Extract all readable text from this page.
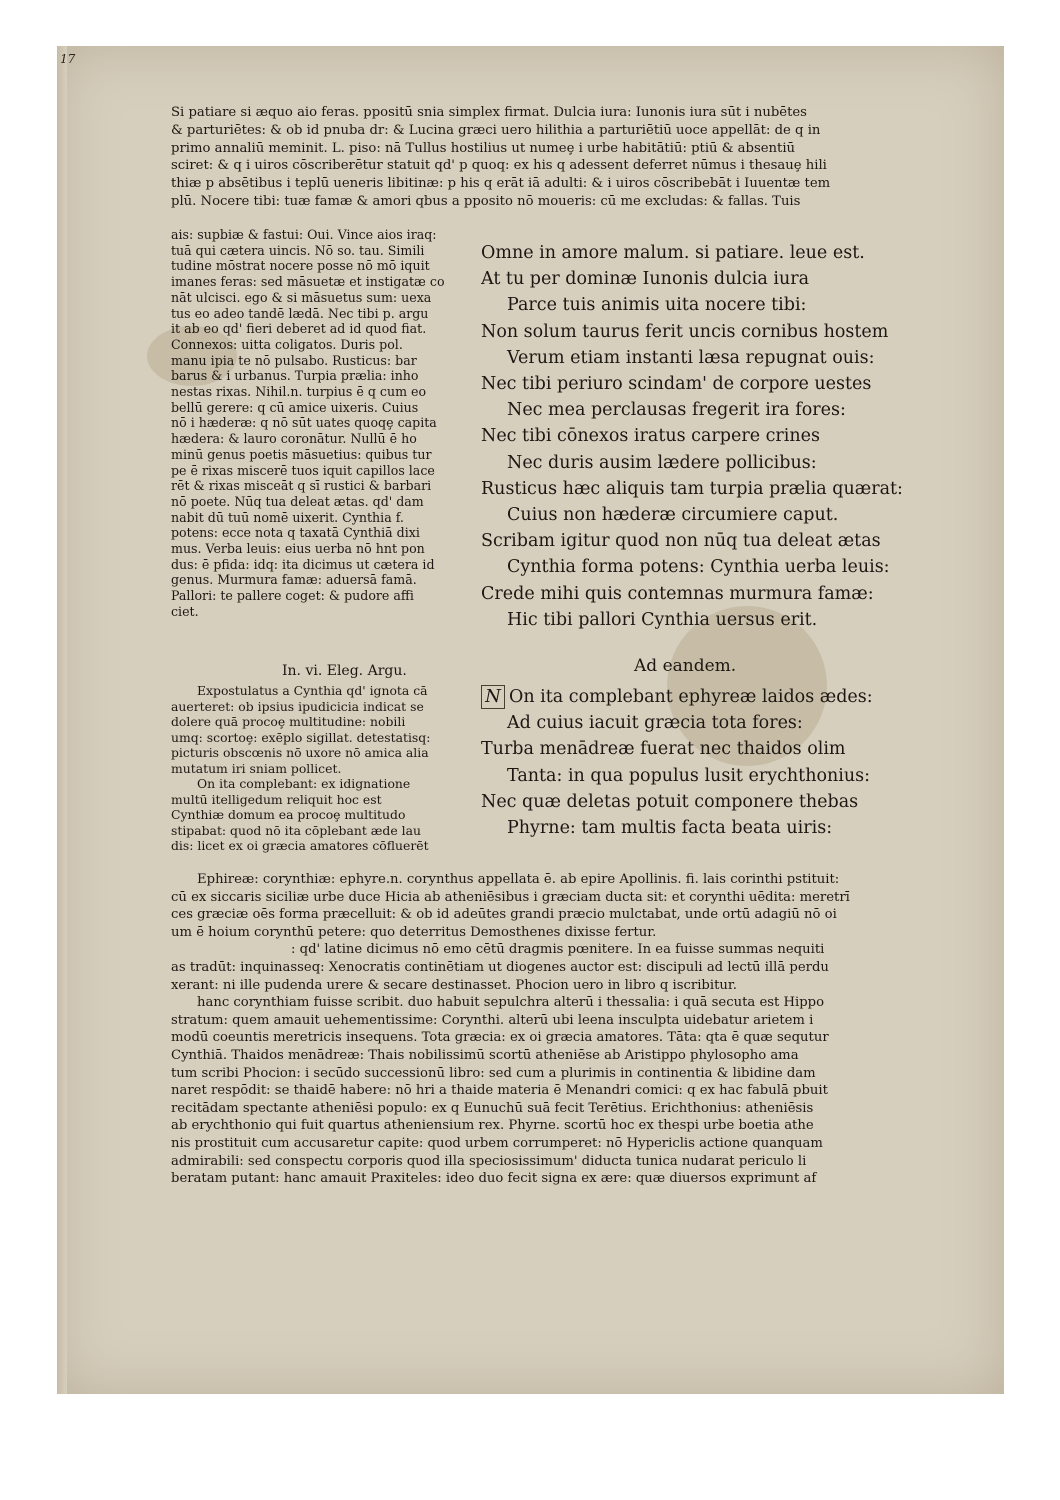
17
Si patiare si æquo aio feras. ppositū snia simplex firmat. Dulcia iura: Iunonis iura sūt i nubētes
& parturiētes: & ob id pnuba dr: & Lucina græci uero hilithia a parturiētiū uoce appellāt: de q in
primo annaliū meminit. L. piso: nā Tullus hostilius ut numeȩ i urbe habitātiū: ptiū & absentiū
sciret: & q i uiros cōscriberētur statuit qd' p quoq: ex his q adessent deferret nūmus i thesauȩ hili
thiæ p absētibus i teplū ueneris libitinæ: p his q erāt iā adulti: & i uiros cōscribebāt i Iuuentæ tem
plū. Nocere tibi: tuæ famæ & amori qbus a pposito nō moueris: cū me excludas: & fallas. Tuis
ais: supbiæ & fastui: Oui. Vince aios iraq:
tuā qui cætera uincis. Nō so. tau. Simili
tudine mōstrat nocere posse nō mō iquit
imanes feras: sed māsuetæ et instigatæ co
nāt ulcisci. ego & si māsuetus sum: uexa
tus eo adeo tandē lædā. Nec tibi p. argu
it ab eo qd' fieri deberet ad id quod fiat.
Connexos: uitta coligatos. Duris pol.
manu ipia te nō pulsabo. Rusticus: bar
barus & i urbanus. Turpia prælia: inho
nestas rixas. Nihil.n. turpius ē q cum eo
bellū gerere: q cū amice uixeris. Cuius
nō i hæderæ: q nō sūt uates quoqȩ capita
hædera: & lauro coronātur. Nullū ē ho
minū genus poetis māsuetius: quibus tur
pe ē rixas miscerē tuos iquit capillos lace
rēt & rixas misceāt q sī rustici & barbari
nō poete. Nūq tua deleat ætas. qd' dam
nabit dū tuū nomē uixerit. Cynthia f.
potens: ecce nota q taxatā Cynthiā dixi
mus. Verba leuis: eius uerba nō hnt pon
dus: ē pfida: idq: ita dicimus ut cætera id
genus. Murmura famæ: aduersā famā.
Pallori: te pallere coget: & pudore affi
ciet.
Omne in amore malum. si patiare. leue est.
At tu per dominæ Iunonis dulcia iura
Parce tuis animis uita nocere tibi:
Non solum taurus ferit uncis cornibus hostem
Verum etiam instanti læsa repugnat ouis:
Nec tibi periuro scindam' de corpore uestes
Nec mea perclausas fregerit ira fores:
Nec tibi cōnexos iratus carpere crines
Nec duris ausim lædere pollicibus:
Rusticus hæc aliquis tam turpia prælia quærat:
Cuius non hæderæ circumiere caput.
Scribam igitur quod non nūq tua deleat ætas
Cynthia forma potens: Cynthia uerba leuis:
Crede mihi quis contemnas murmura famæ:
Hic tibi pallori Cynthia uersus erit.
In. vi. Eleg. Argu.
Expostulatus a Cynthia qd' ignota cā
auerteret: ob ipsius ipudicicia indicat se
dolere quā procoȩ multitudine: nobili
umq: scortoȩ: exēplo sigillat. detestatisq:
picturis obscœnis nō uxore nō amica alia
mutatum iri sniam pollicet.
On ita complebant: ex idignatione
multū itelligedum reliquit hoc est
Cynthiæ domum ea procoȩ multitudo
stipabat: quod nō ita cōplebant æde lau
dis: licet ex oi græcia amatores cōfluerēt
Ad eandem.
N On ita complebant ephyreæ laidos ædes:
Ad cuius iacuit græcia tota fores:
Turba menādreæ fuerat nec thaidos olim
Tanta: in qua populus lusit erychthonius:
Nec quæ deletas potuit componere thebas
Phyrne: tam multis facta beata uiris:
Ephireæ: corynthiæ: ephyre.n. corynthus appellata ē. ab epire Apollinis. fi. lais corinthi pstituit:
cū ex siccaris siciliæ urbe duce Hicia ab atheniēsibus i græciam ducta sit: et corynthi uēdita: meretrī
ces græciæ oēs forma præcelluit: & ob id adeūtes grandi præcio mulctabat, unde ortū adagiū nō oi
um ē hoium corynthū petere: quo deterritus Demosthenes dixisse fertur.
: qd' latine dicimus nō emo cētū dragmis pœnitere. In ea fuisse summas nequiti
as tradūt: inquinasseq: Xenocratis continētiam ut diogenes auctor est: discipuli ad lectū illā perdu
xerant: ni ille pudenda urere & secare destinasset. Phocion uero in libro q iscribitur.
hanc corynthiam fuisse scribit. duo habuit sepulchra alterū i thessalia: i quā secuta est Hippo
stratum: quem amauit uehementissime: Corynthi. alterū ubi leena insculpta uidebatur arietem i
modū coeuntis meretricis insequens. Tota græcia: ex oi græcia amatores. Tāta: qta ē quæ sequtur
Cynthiā. Thaidos menādreæ: Thais nobilissimū scortū atheniēse ab Aristippo phylosopho ama
tum scribi Phocion: i secūdo successionū libro: sed cum a plurimis in continentia & libidine dam
naret respōdit: se thaidē habere: nō hri a thaide materia ē Menandri comici: q ex hac fabulā pbuit
recitādam spectante atheniēsi populo: ex q Eunuchū suā fecit Terētius. Erichthonius: atheniēsis
ab erychthonio qui fuit quartus atheniensium rex. Phyrne. scortū hoc ex thespi urbe boetia athe
nis prostituit cum accusaretur capite: quod urbem corrumperet: nō Hypericlis actione quanquam
admirabili: sed conspectu corporis quod illa speciosissimum' diducta tunica nudarat periculo li
beratam putant: hanc amauit Praxiteles: ideo duo fecit signa ex ære: quæ diuersos exprimunt af
